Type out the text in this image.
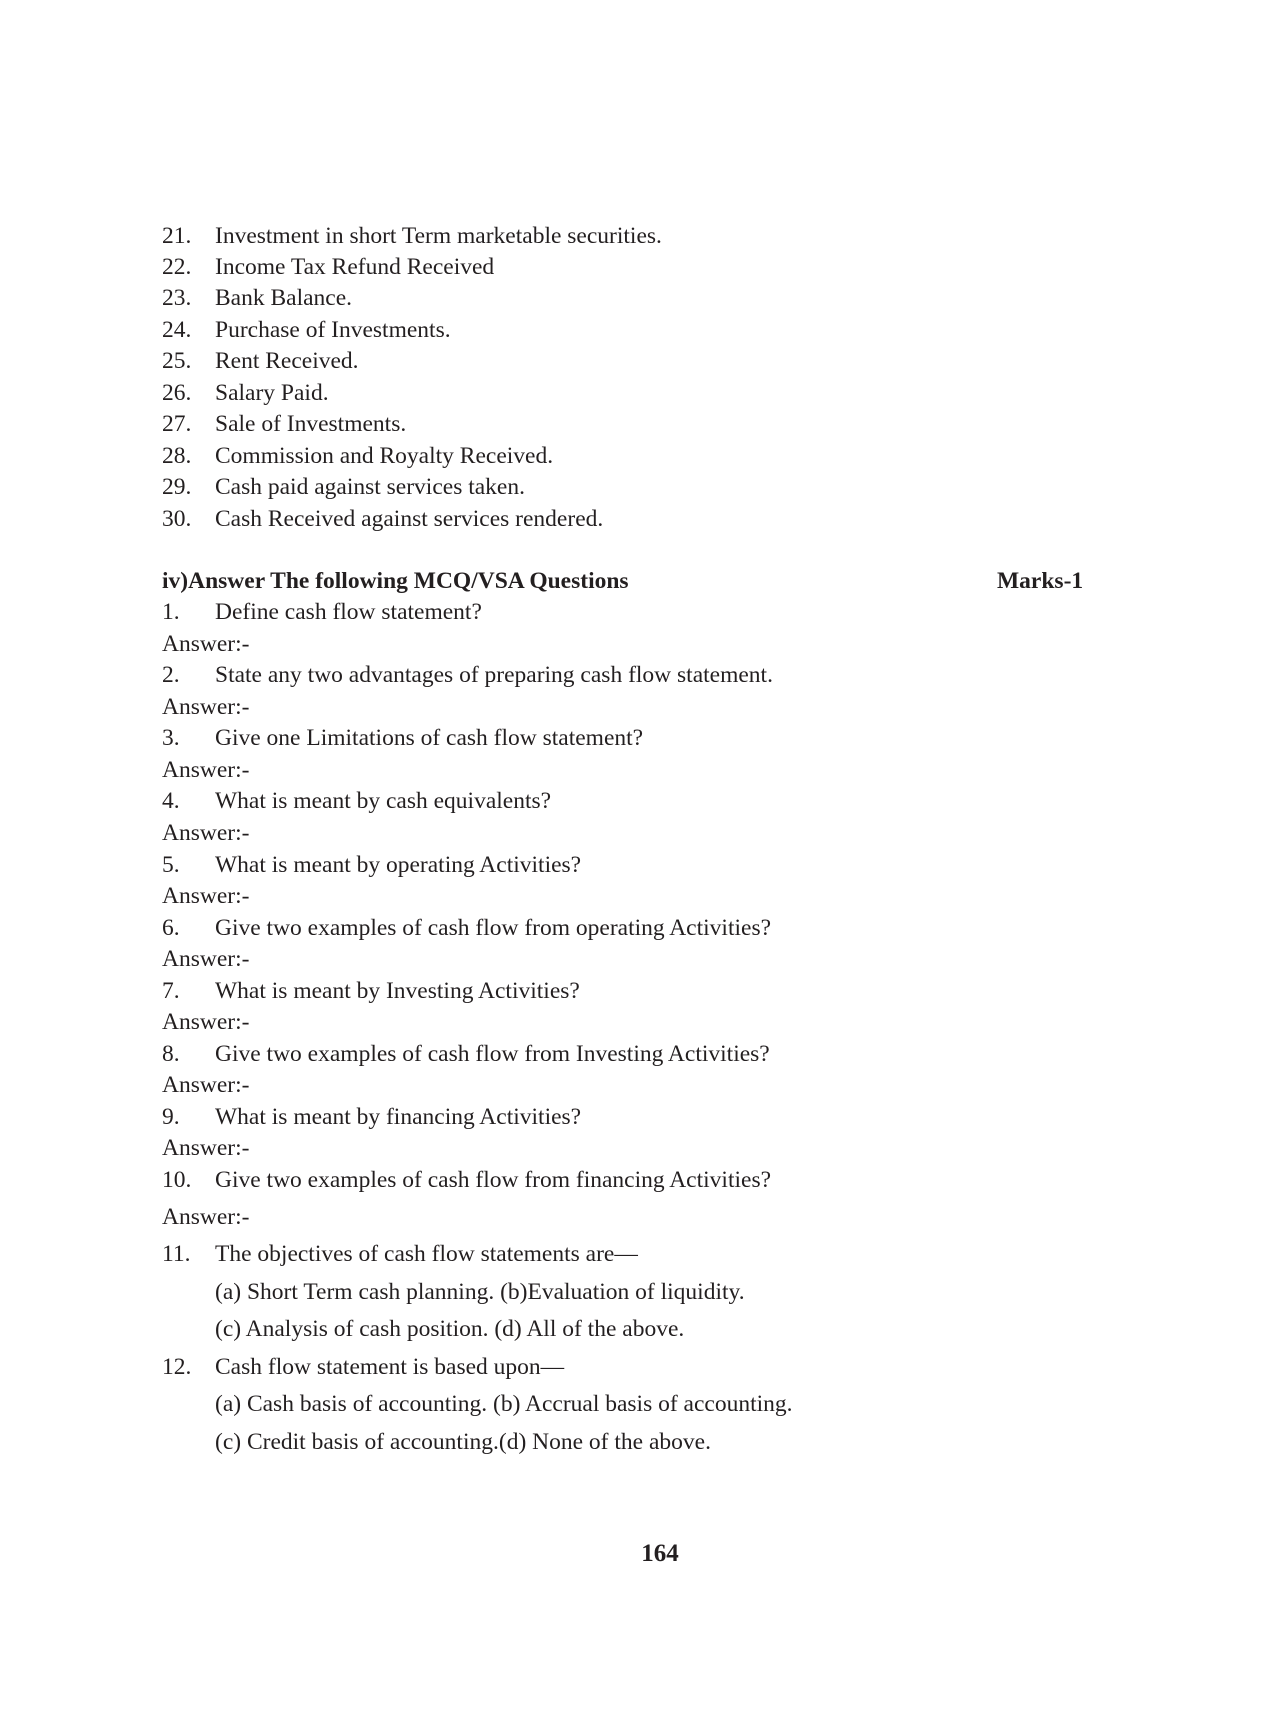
21. Investment in short Term marketable securities.
22. Income Tax Refund Received
23. Bank Balance.
24. Purchase of Investments.
25. Rent Received.
26. Salary Paid.
27. Sale of Investments.
28. Commission and Royalty Received.
29. Cash paid against services taken.
30. Cash Received against services rendered.
iv)Answer The following MCQ/VSA Questions	Marks-1
1. Define cash flow statement?
Answer:-
2. State any two advantages of preparing cash flow statement.
Answer:-
3. Give one Limitations of cash flow statement?
Answer:-
4. What is meant by cash equivalents?
Answer:-
5. What is meant by operating Activities?
Answer:-
6. Give two examples of cash flow from operating Activities?
Answer:-
7. What is meant by Investing Activities?
Answer:-
8. Give two examples of cash flow from Investing Activities?
Answer:-
9. What is meant by financing Activities?
Answer:-
10. Give two examples of cash flow from financing Activities?
Answer:-
11. The objectives of cash flow statements are—
(a) Short Term cash planning. (b)Evaluation of liquidity.
(c) Analysis of cash position. (d) All of the above.
12. Cash flow statement is based upon—
(a) Cash basis of accounting. (b) Accrual basis of accounting.
(c) Credit basis of accounting.(d) None of the above.
164
